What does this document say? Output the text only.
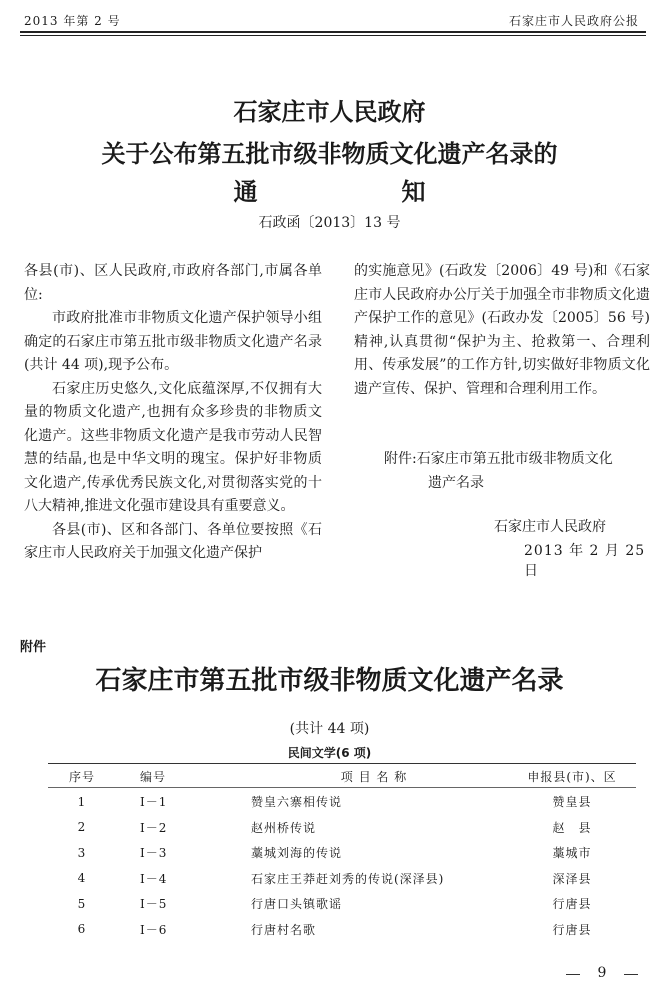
2013 年第 2 号	石家庄市人民政府公报
石家庄市人民政府
关于公布第五批市级非物质文化遗产名录的
通　　　　　　知
石政函〔2013〕13 号

各县(市)、区人民政府,市政府各部门,市属各单位:

市政府批准市非物质文化遗产保护领导小组确定的石家庄市第五批市级非物质文化遗产名录(共计 44 项),现予公布。

石家庄历史悠久,文化底蕴深厚,不仅拥有大量的物质文化遗产,也拥有众多珍贵的非物质文化遗产。这些非物质文化遗产是我市劳动人民智慧的结晶,也是中华文明的瑰宝。保护好非物质文化遗产,传承优秀民族文化,对贯彻落实党的十八大精神,推进文化强市建设具有重要意义。

各县(市)、区和各部门、各单位要按照《石家庄市人民政府关于加强文化遗产保护

的实施意见》(石政发〔2006〕49 号)和《石家庄市人民政府办公厅关于加强全市非物质文化遗产保护工作的意见》(石政办发〔2005〕56 号)精神,认真贯彻“保护为主、抢救第一、合理利用、传承发展”的工作方针,切实做好非物质文化遗产宣传、保护、管理和合理利用工作。

附件:石家庄市第五批市级非物质文化
遗产名录
石家庄市人民政府
2013 年 2 月 25 日
附件
石家庄市第五批市级非物质文化遗产名录
(共计 44 项)
民间文学(6 项)
序号	编号	项 目 名 称	申报县(市)、区
1	Ⅰ－1	赞皇六寨相传说	赞皇县
2	Ⅰ－2	赵州桥传说	赵　县
3	Ⅰ－3	藁城刘海的传说	藁城市
4	Ⅰ－4	石家庄王莽赶刘秀的传说(深泽县)	深泽县
5	Ⅰ－5	行唐口头镇歌谣	行唐县
6	Ⅰ－6	行唐村名歌	行唐县
9
